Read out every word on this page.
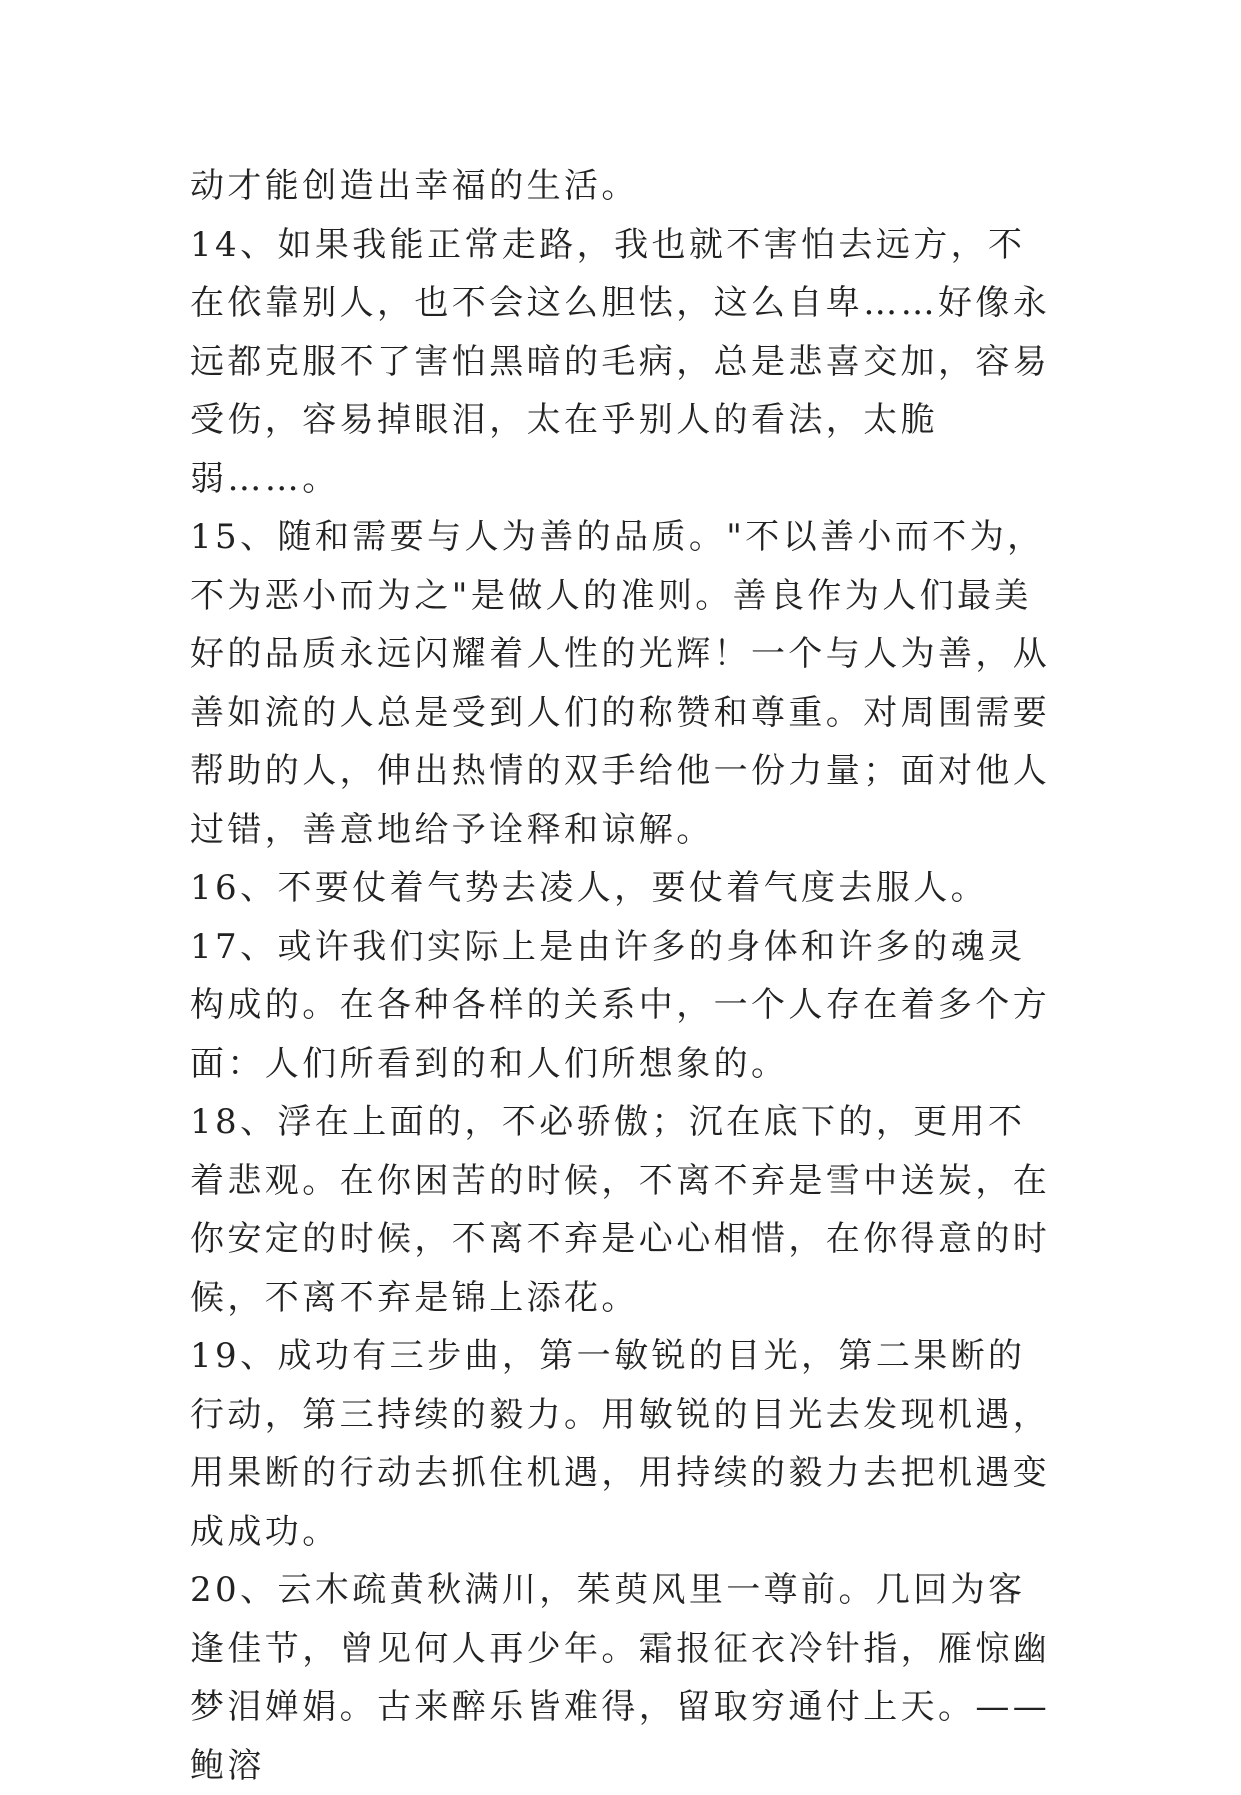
动才能创造出幸福的生活。

14、如果我能正常走路，我也就不害怕去远方，不在依靠别人，也不会这么胆怯，这么自卑……好像永远都克服不了害怕黑暗的毛病，总是悲喜交加，容易受伤，容易掉眼泪，太在乎别人的看法，太脆弱……。

15、随和需要与人为善的品质。"不以善小而不为，不为恶小而为之"是做人的准则。善良作为人们最美好的品质永远闪耀着人性的光辉！一个与人为善，从善如流的人总是受到人们的称赞和尊重。对周围需要帮助的人，伸出热情的双手给他一份力量；面对他人过错，善意地给予诠释和谅解。

16、不要仗着气势去凌人，要仗着气度去服人。

17、或许我们实际上是由许多的身体和许多的魂灵构成的。在各种各样的关系中，一个人存在着多个方面：人们所看到的和人们所想象的。

18、浮在上面的，不必骄傲；沉在底下的，更用不着悲观。在你困苦的时候，不离不弃是雪中送炭，在你安定的时候，不离不弃是心心相惜，在你得意的时候，不离不弃是锦上添花。

19、成功有三步曲，第一敏锐的目光，第二果断的行动，第三持续的毅力。用敏锐的目光去发现机遇，用果断的行动去抓住机遇，用持续的毅力去把机遇变成成功。

20、云木疏黄秋满川，茱萸风里一尊前。几回为客逢佳节，曾见何人再少年。霜报征衣冷针指，雁惊幽梦泪婵娟。古来醉乐皆难得，留取穷通付上天。——鲍溶
